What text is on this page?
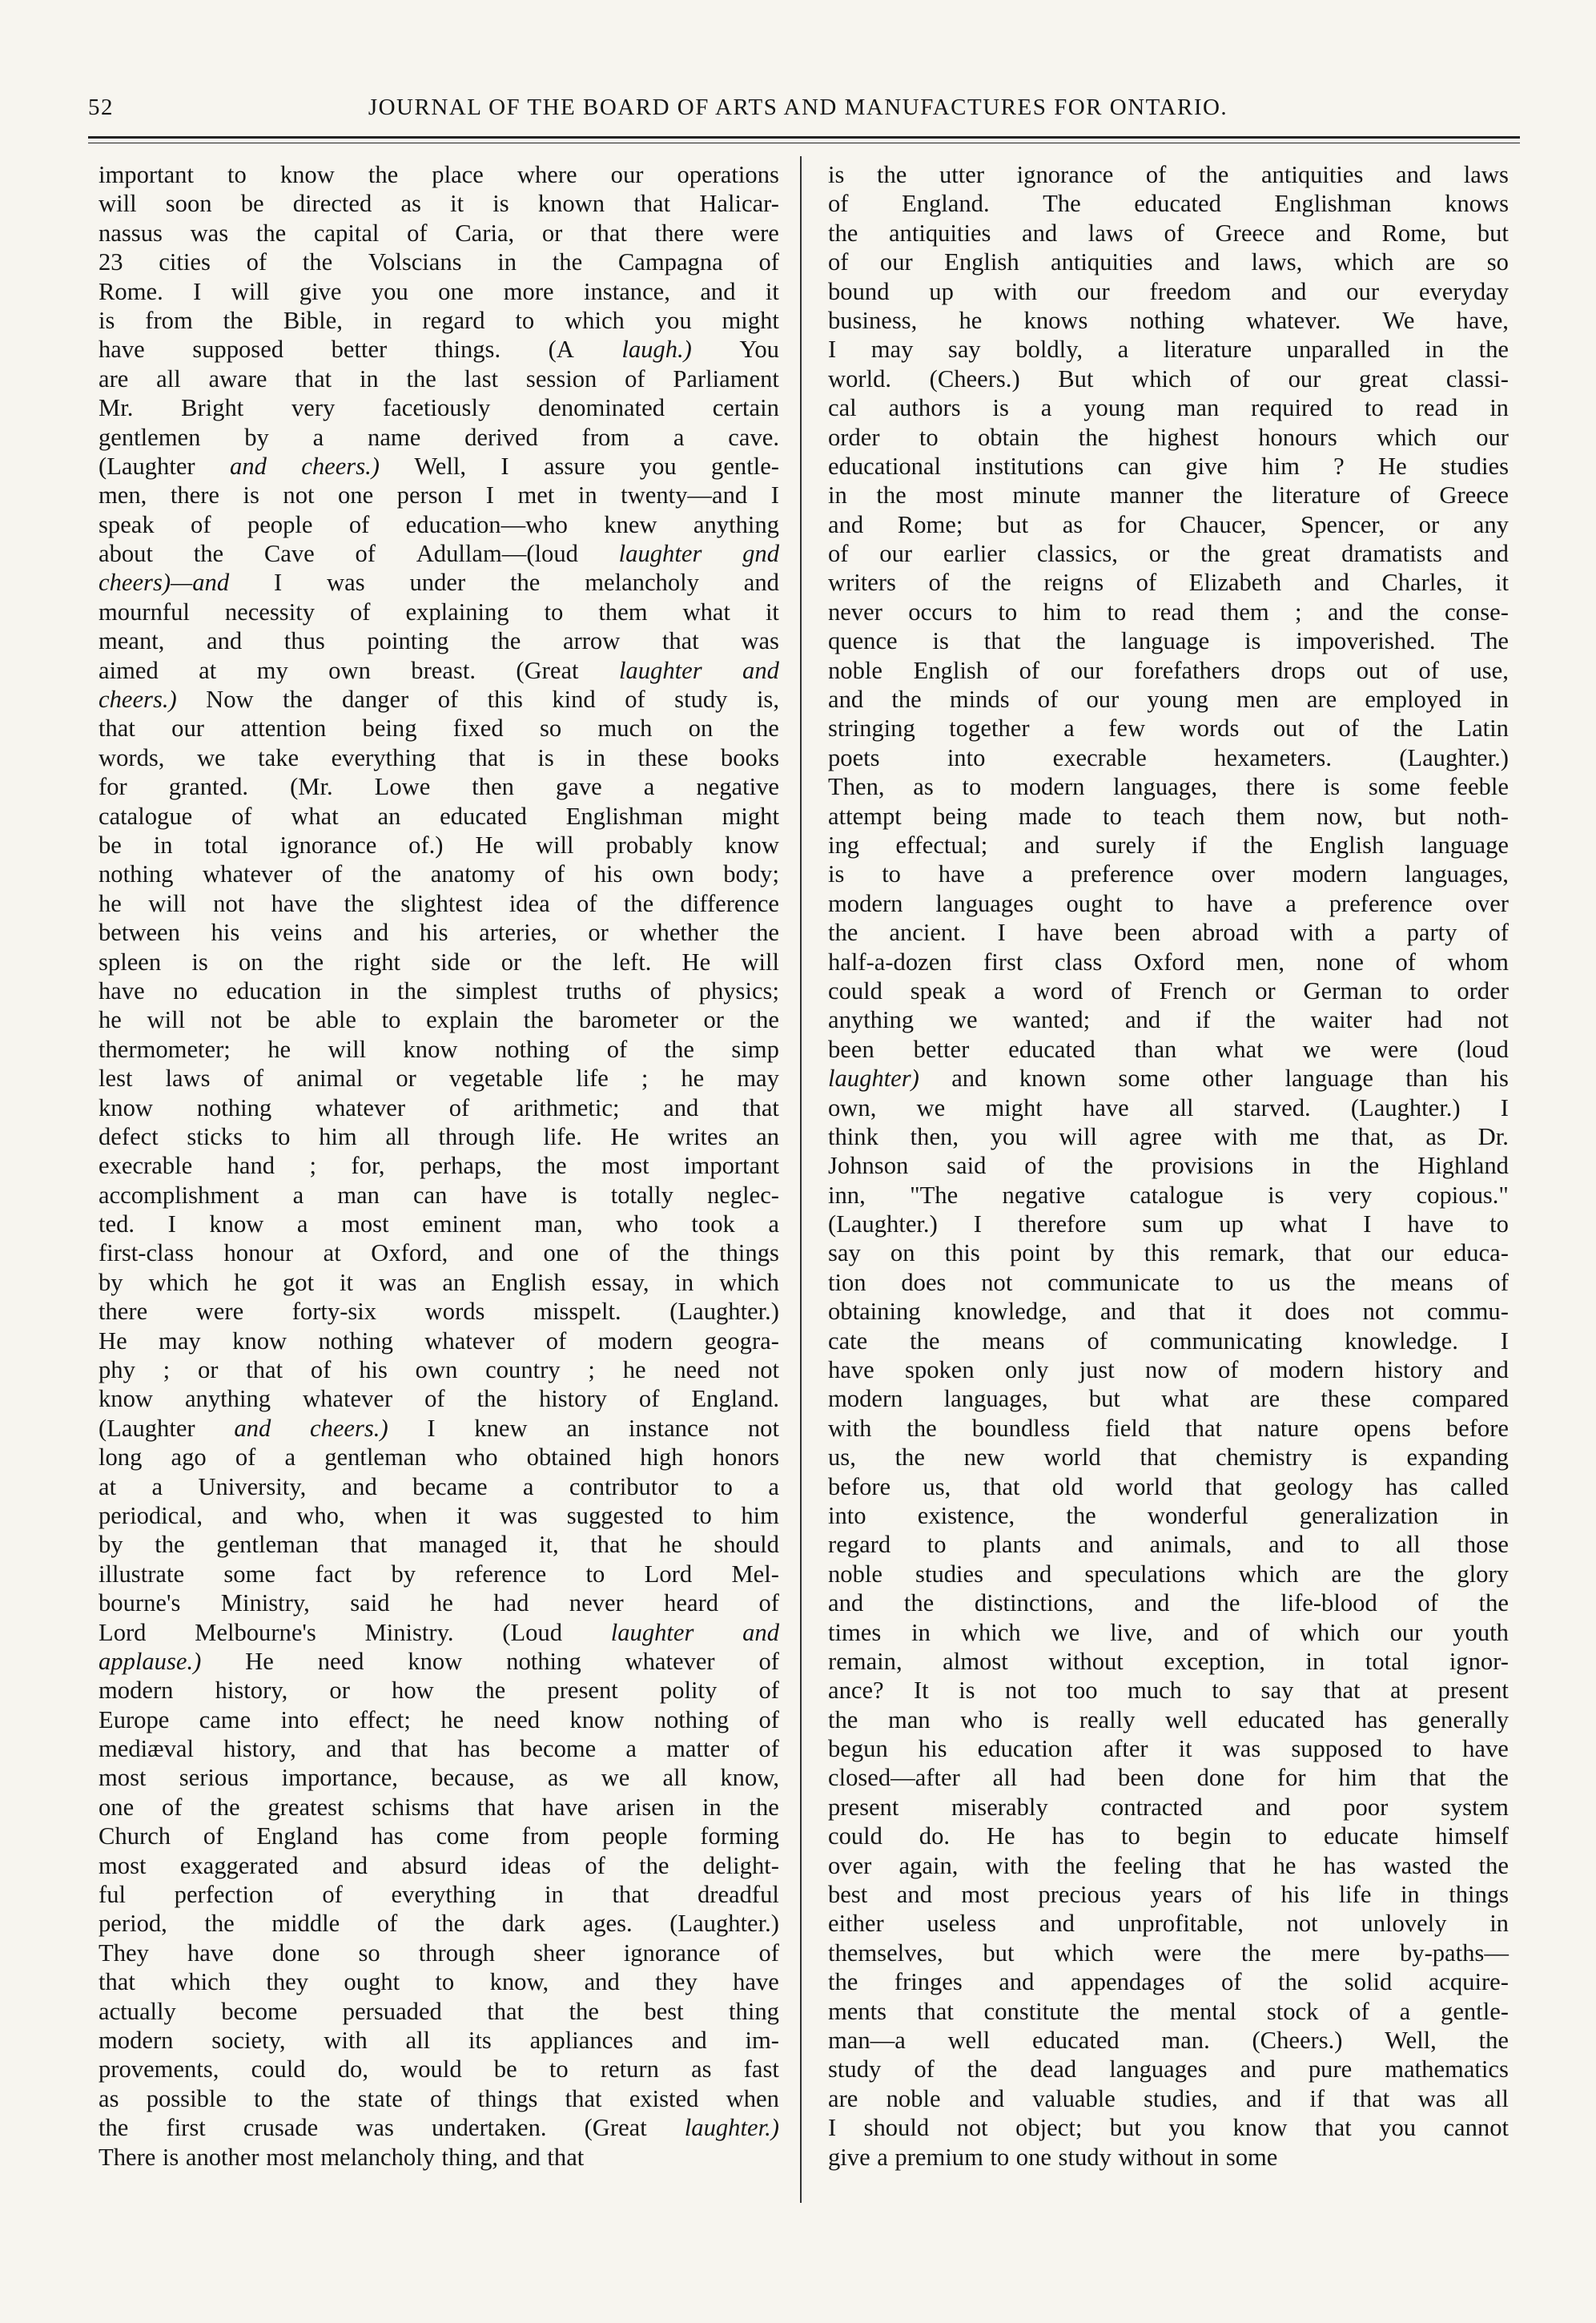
52	JOURNAL OF THE BOARD OF ARTS AND MANUFACTURES FOR ONTARIO.
important to know the place where our operations
will soon be directed as it is known that Halicar-
nassus was the capital of Caria, or that there were
23 cities of the Volscians in the Campagna of
Rome. I will give you one more instance, and it
is from the Bible, in regard to which you might
have supposed better things. (A laugh.) You
are all aware that in the last session of Parliament
Mr. Bright very facetiously denominated certain
gentlemen by a name derived from a cave.
(Laughter and cheers.) Well, I assure you gentle-
men, there is not one person I met in twenty—and I
speak of people of education—who knew anything
about the Cave of Adullam—(loud laughter gnd
cheers)—and I was under the melancholy and
mournful necessity of explaining to them what it
meant, and thus pointing the arrow that was
aimed at my own breast. (Great laughter and
cheers.) Now the danger of this kind of study is,
that our attention being fixed so much on the
words, we take everything that is in these books
for granted. (Mr. Lowe then gave a negative
catalogue of what an educated Englishman might
be in total ignorance of.) He will probably know
nothing whatever of the anatomy of his own body;
he will not have the slightest idea of the difference
between his veins and his arteries, or whether the
spleen is on the right side or the left. He will
have no education in the simplest truths of physics;
he will not be able to explain the barometer or the
thermometer; he will know nothing of the simp
lest laws of animal or vegetable life ; he may
know nothing whatever of arithmetic; and that
defect sticks to him all through life. He writes an
execrable hand ; for, perhaps, the most important
accomplishment a man can have is totally neglec-
ted. I know a most eminent man, who took a
first-class honour at Oxford, and one of the things
by which he got it was an English essay, in which
there were forty-six words misspelt. (Laughter.)
He may know nothing whatever of modern geogra-
phy ; or that of his own country ; he need not
know anything whatever of the history of England.
(Laughter and cheers.) I knew an instance not
long ago of a gentleman who obtained high honors
at a University, and became a contributor to a
periodical, and who, when it was suggested to him
by the gentleman that managed it, that he should
illustrate some fact by reference to Lord Mel-
bourne's Ministry, said he had never heard of
Lord Melbourne's Ministry. (Loud laughter and
applause.) He need know nothing whatever of
modern history, or how the present polity of
Europe came into effect; he need know nothing of
mediæval history, and that has become a matter of
most serious importance, because, as we all know,
one of the greatest schisms that have arisen in the
Church of England has come from people forming
most exaggerated and absurd ideas of the delight-
ful perfection of everything in that dreadful
period, the middle of the dark ages. (Laughter.)
They have done so through sheer ignorance of
that which they ought to know, and they have
actually become persuaded that the best thing
modern society, with all its appliances and im-
provements, could do, would be to return as fast
as possible to the state of things that existed when
the first crusade was undertaken. (Great laughter.)
There is another most melancholy thing, and that
is the utter ignorance of the antiquities and laws
of England. The educated Englishman knows
the antiquities and laws of Greece and Rome, but
of our English antiquities and laws, which are so
bound up with our freedom and our everyday
business, he knows nothing whatever. We have,
I may say boldly, a literature unparalled in the
world. (Cheers.) But which of our great classi-
cal authors is a young man required to read in
order to obtain the highest honours which our
educational institutions can give him ? He studies
in the most minute manner the literature of Greece
and Rome; but as for Chaucer, Spencer, or any
of our earlier classics, or the great dramatists and
writers of the reigns of Elizabeth and Charles, it
never occurs to him to read them ; and the conse-
quence is that the language is impoverished. The
noble English of our forefathers drops out of use,
and the minds of our young men are employed in
stringing together a few words out of the Latin
poets	into	execrable	hexameters.	(Laughter.)
Then, as to modern languages, there is some feeble
attempt being made to teach them now, but noth-
ing effectual; and surely if the English language
is to have a preference over modern languages,
modern languages ought to have a preference over
the ancient. I have been abroad with a party of
half-a-dozen first class Oxford men, none of whom
could speak a word of French or German to order
anything we wanted; and if the waiter had not
been better educated than what we were (loud
laughter) and known some other language than his
own, we might have all starved. (Laughter.) I
think then, you will agree with me that, as Dr.
Johnson said of the provisions in the Highland
inn, "The negative catalogue is very copious."
(Laughter.) I therefore sum up what I have to
say on this point by this remark, that our educa-
tion does not communicate to us the means of
obtaining knowledge, and that it does not commu-
cate the means of communicating knowledge. I
have spoken only just now of modern history and
modern languages, but what are these compared
with the boundless field that nature opens before
us, the new world that chemistry is expanding
before us, that old world that geology has called
into existence, the wonderful generalization in
regard to plants and animals, and to all those
noble studies and speculations which are the glory
and the distinctions, and the life-blood of the
times in which we live, and of which our youth
remain, almost without exception, in total ignor-
ance? It is not too much to say that at present
the man who is really well educated has generally
begun his education after it was supposed to have
closed—after all had been done for him that the
present miserably contracted and poor system
could do. He has to begin to educate himself
over again, with the feeling that he has wasted the
best and most precious years of his life in things
either useless and unprofitable, not unlovely in
themselves, but which were the mere by-paths—
the fringes and appendages of the solid acquire-
ments that constitute the mental stock of a gentle-
man—a well educated man. (Cheers.) Well, the
study of the dead languages and pure mathematics
are noble and valuable studies, and if that was all
I should not object; but you know that you cannot
give a premium to one study without in some
